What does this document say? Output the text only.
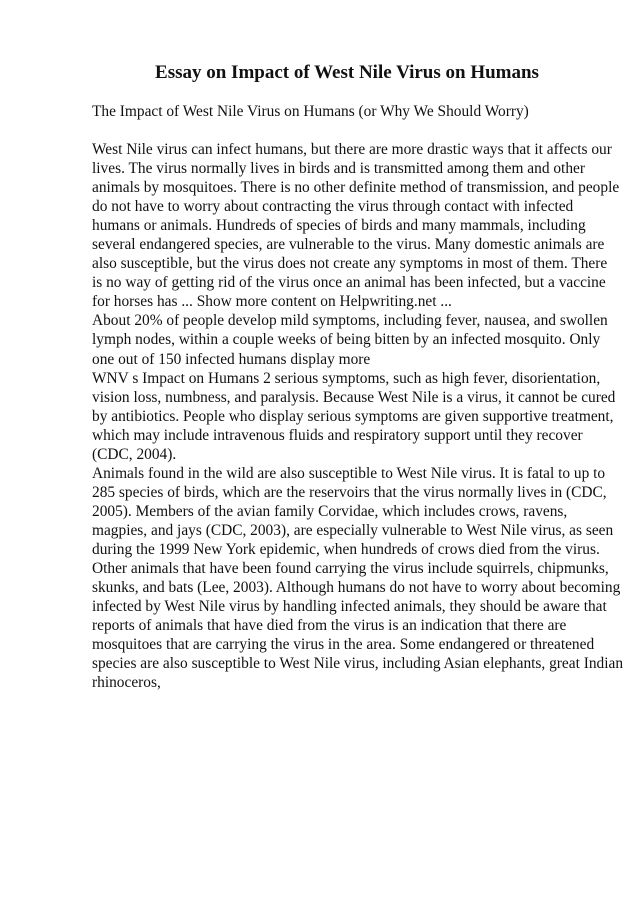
Essay on Impact of West Nile Virus on Humans

The Impact of West Nile Virus on Humans (or Why We Should Worry)

West Nile virus can infect humans, but there are more drastic ways that it affects our
lives. The virus normally lives in birds and is transmitted among them and other
animals by mosquitoes. There is no other definite method of transmission, and people
do not have to worry about contracting the virus through contact with infected
humans or animals. Hundreds of species of birds and many mammals, including
several endangered species, are vulnerable to the virus. Many domestic animals are
also susceptible, but the virus does not create any symptoms in most of them. There
is no way of getting rid of the virus once an animal has been infected, but a vaccine
for horses has ... Show more content on Helpwriting.net ...
About 20% of people develop mild symptoms, including fever, nausea, and swollen
lymph nodes, within a couple weeks of being bitten by an infected mosquito. Only
one out of 150 infected humans display more
WNV s Impact on Humans 2 serious symptoms, such as high fever, disorientation,
vision loss, numbness, and paralysis. Because West Nile is a virus, it cannot be cured
by antibiotics. People who display serious symptoms are given supportive treatment,
which may include intravenous fluids and respiratory support until they recover
(CDC, 2004).
Animals found in the wild are also susceptible to West Nile virus. It is fatal to up to
285 species of birds, which are the reservoirs that the virus normally lives in (CDC,
2005). Members of the avian family Corvidae, which includes crows, ravens,
magpies, and jays (CDC, 2003), are especially vulnerable to West Nile virus, as seen
during the 1999 New York epidemic, when hundreds of crows died from the virus.
Other animals that have been found carrying the virus include squirrels, chipmunks,
skunks, and bats (Lee, 2003). Although humans do not have to worry about becoming
infected by West Nile virus by handling infected animals, they should be aware that
reports of animals that have died from the virus is an indication that there are
mosquitoes that are carrying the virus in the area. Some endangered or threatened
species are also susceptible to West Nile virus, including Asian elephants, great Indian
rhinoceros,
